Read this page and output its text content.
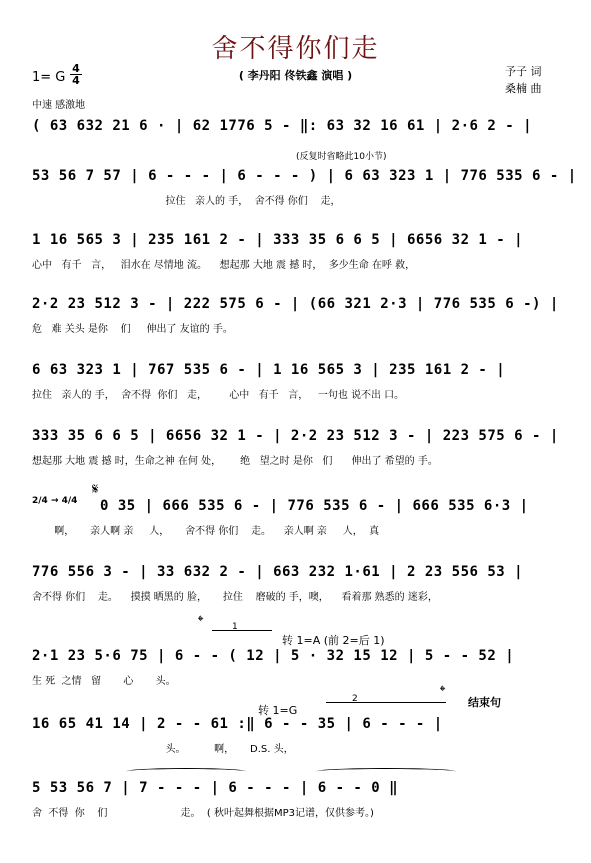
舍不得你们走
( 李丹阳 佟铁鑫 演唱 )
1= G
4
4
中速 感激地
予子 词
桑楠 曲
( 63 632 21 6 · | 62 1776 5 - ‖: 63 32 16 61 | 2·6 2 - |
(反复时省略此10小节)
53 56 7 57 | 6 - - - | 6 - - - ) | 6 63 323 1 | 776 535 6 - |
拉住   亲人的 手，  舍不得 你们    走，
1 16 565 3 | 235 161 2 - | 333 35 6 6 5 | 6656 32 1 - |
心中   有千   言，   泪水在 尽情地 流。    想起那 大地 震 撼 时，  多少生命 在呼 救，
2·2 23 512 3 - | 222 575 6 - | (66 321 2·3 | 776 535 6 -) |
危   难 关头 是你    们     伸出了 友谊的 手。
6 63 323 1 | 767 535 6 - | 1 16 565 3 | 235 161 2 - |
拉住   亲人的 手，  舍不得  你们   走，       心中   有千   言，   一句也 说不出 口。
333 35 6 6 5 | 6656 32 1 - | 2·2 23 512 3 - | 223 575 6 - |
想起那 大地 震 撼 时，生命之神 在何 处，      绝   望之时 是你   们      伸出了 希望的 手。
2/4 → 4/4 0 35 | 666 535 6 - | 776 535 6 - | 666 535 6·3 |
啊，     亲人啊 亲     人，     舍不得 你们    走。    亲人啊 亲     人，  真
𝄋
776 556 3 - | 33 632 2 - | 663 232 1·61 | 2 23 556 53 |
舍不得 你们    走。    摸摸 晒黑的 脸，     拉住    磨破的 手，噢，    看着那 熟悉的 迷彩，
𝄌	1
转 1=A (前 2=后 1)
2·1 23 5·6 75 | 6 - - ( 12 | 5 · 32 15 12 | 5 - - 52 |
生 死  之情   留       心       头。
转 1=G
2	𝄌
结束句
16 65 41 14 | 2 - - 61 :‖ 6 - - 35 | 6 - - - |
头。         啊，     D.S. 头，
5 53 56 7 | 7 - - - | 6 - - - | 6 - - 0 ‖
舍  不得  你    们                       走。  ( 秋叶起舞根据MP3记谱，仅供参考。)
